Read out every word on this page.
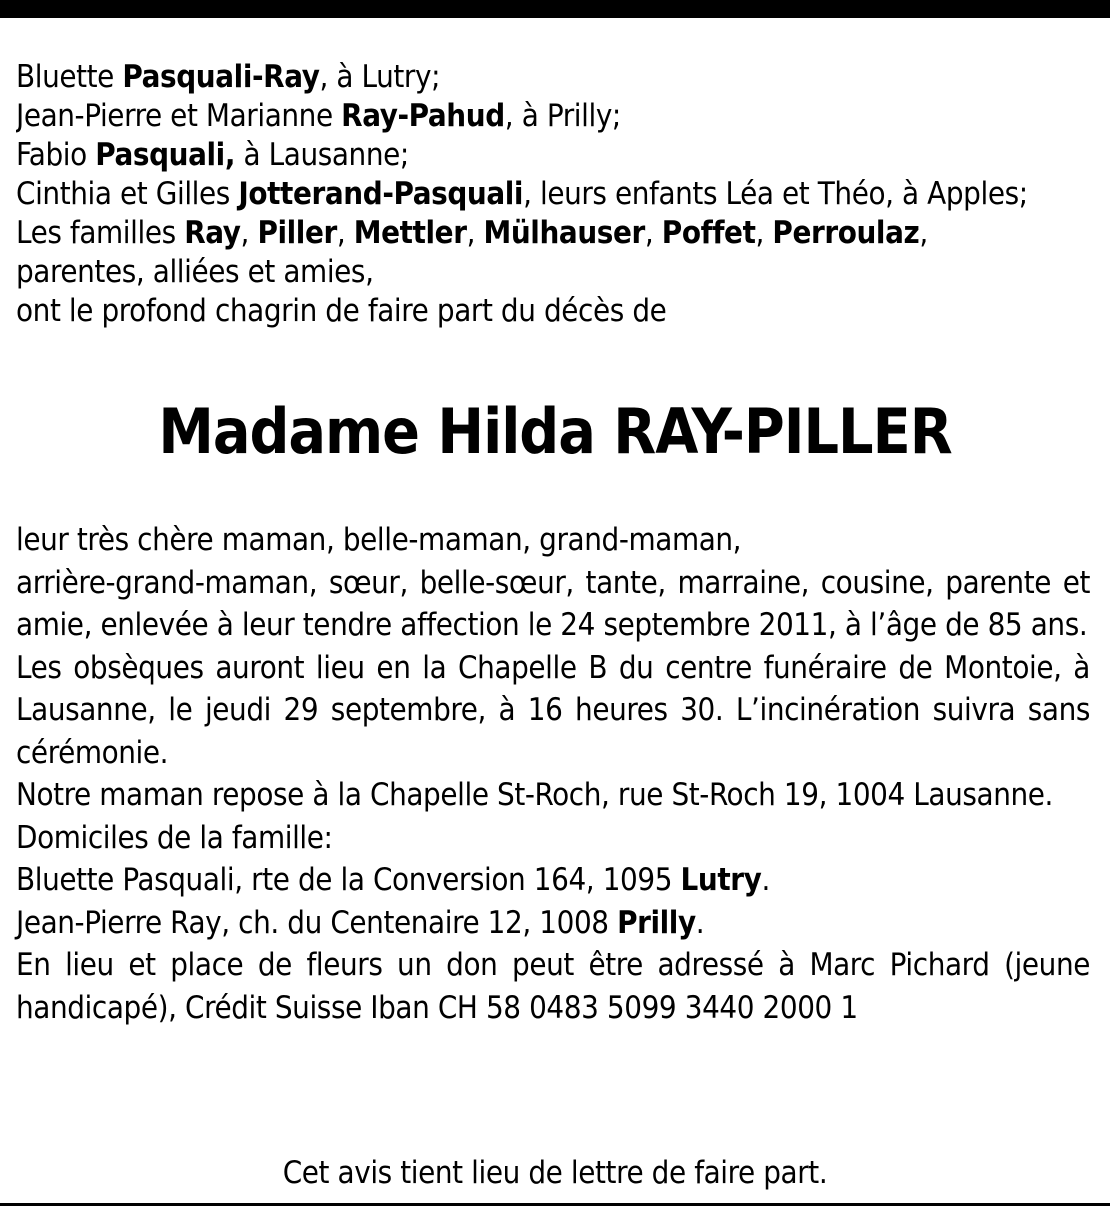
Bluette Pasquali-Ray, à Lutry;
Jean-Pierre et Marianne Ray-Pahud, à Prilly;
Fabio Pasquali, à Lausanne;
Cinthia et Gilles Jotterand-Pasquali, leurs enfants Léa et Théo, à Apples;
Les familles Ray, Piller, Mettler, Mülhauser, Poffet, Perroulaz,
parentes, alliées et amies,
ont le profond chagrin de faire part du décès de
Madame Hilda RAY-PILLER

leur très chère maman, belle-maman, grand-maman,

arrière-grand-maman, sœur, belle-sœur, tante, marraine, cousine, parente et amie, enlevée à leur tendre affection le 24 septembre 2011, à l’âge de 85 ans.

Les obsèques auront lieu en la Chapelle B du centre funéraire de Montoie, à Lausanne, le jeudi 29 septembre, à 16 heures 30. L’incinération suivra sans cérémonie.

Notre maman repose à la Chapelle St-Roch, rue St-Roch 19, 1004 Lausanne.

Domiciles de la famille:

Bluette Pasquali, rte de la Conversion 164, 1095 Lutry.

Jean-Pierre Ray, ch. du Centenaire 12, 1008 Prilly.

En lieu et place de fleurs un don peut être adressé à Marc Pichard (jeune handicapé), Crédit Suisse Iban CH 58 0483 5099 3440 2000 1

Cet avis tient lieu de lettre de faire part.
